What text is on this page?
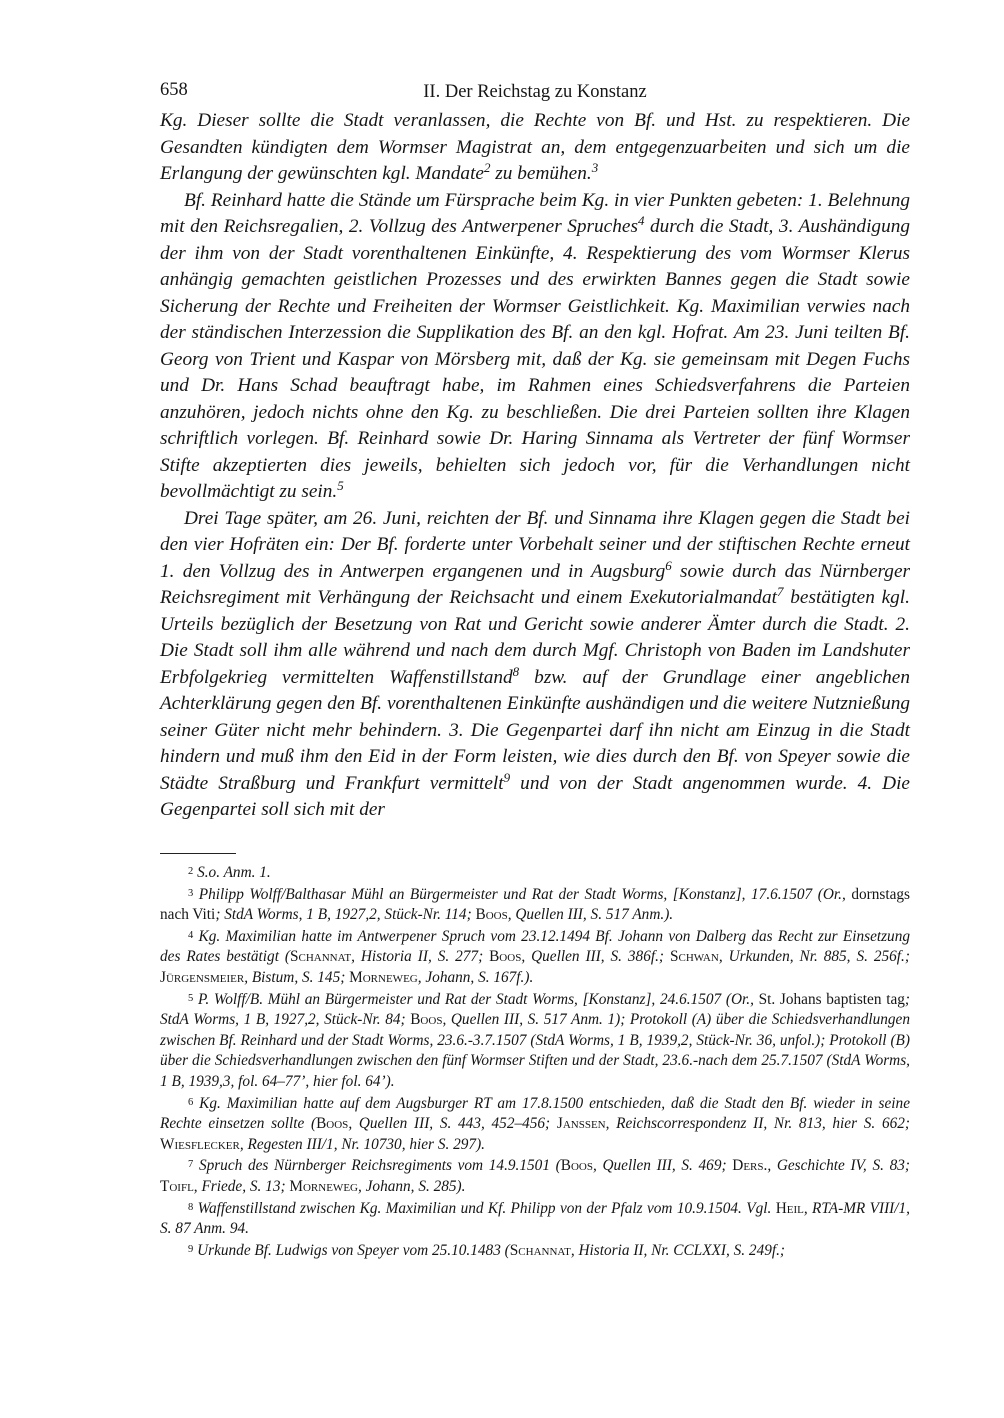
658	II. Der Reichstag zu Konstanz

Kg. Dieser sollte die Stadt veranlassen, die Rechte von Bf. und Hst. zu respektieren. Die Gesandten kündigten dem Wormser Magistrat an, dem entgegenzuarbeiten und sich um die Erlangung der gewünschten kgl. Mandate$^2$ zu bemühen.$^3$

Bf. Reinhard hatte die Stände um Fürsprache beim Kg. in vier Punkten gebeten: 1. Belehnung mit den Reichsregalien, 2. Vollzug des Antwerpener Spruches$^4$ durch die Stadt, 3. Aushändigung der ihm von der Stadt vorenthaltenen Einkünfte, 4. Respektierung des vom Wormser Klerus anhängig gemachten geistlichen Prozesses und des erwirkten Bannes gegen die Stadt sowie Sicherung der Rechte und Freiheiten der Wormser Geistlichkeit. Kg. Maximilian verwies nach der ständischen Interzession die Supplikation des Bf. an den kgl. Hofrat. Am 23. Juni teilten Bf. Georg von Trient und Kaspar von Mörsberg mit, daß der Kg. sie gemeinsam mit Degen Fuchs und Dr. Hans Schad beauftragt habe, im Rahmen eines Schiedsverfahrens die Parteien anzuhören, jedoch nichts ohne den Kg. zu beschließen. Die drei Parteien sollten ihre Klagen schriftlich vorlegen. Bf. Reinhard sowie Dr. Haring Sinnama als Vertreter der fünf Wormser Stifte akzeptierten dies jeweils, behielten sich jedoch vor, für die Verhandlungen nicht bevollmächtigt zu sein.$^5$

Drei Tage später, am 26. Juni, reichten der Bf. und Sinnama ihre Klagen gegen die Stadt bei den vier Hofräten ein: Der Bf. forderte unter Vorbehalt seiner und der stiftischen Rechte erneut 1. den Vollzug des in Antwerpen ergangenen und in Augsburg$^6$ sowie durch das Nürnberger Reichsregiment mit Verhängung der Reichsacht und einem Exekutorialmandat$^7$ bestätigten kgl. Urteils bezüglich der Besetzung von Rat und Gericht sowie anderer Ämter durch die Stadt. 2. Die Stadt soll ihm alle während und nach dem durch Mgf. Christoph von Baden im Landshuter Erbfolgekrieg vermittelten Waffenstillstand$^8$ bzw. auf der Grundlage einer angeblichen Achterklärung gegen den Bf. vorenthaltenen Einkünfte aushändigen und die weitere Nutznießung seiner Güter nicht mehr behindern. 3. Die Gegenpartei darf ihn nicht am Einzug in die Stadt hindern und muß ihm den Eid in der Form leisten, wie dies durch den Bf. von Speyer sowie die Städte Straßburg und Frankfurt vermittelt$^9$ und von der Stadt angenommen wurde. 4. Die Gegenpartei soll sich mit der

2 S.o. Anm. 1.

3 Philipp Wolff/Balthasar Mühl an Bürgermeister und Rat der Stadt Worms, [Konstanz], 17.6.1507 (Or., dornstags nach Viti; StdA Worms, 1 B, 1927,2, Stück-Nr. 114; Boos, Quellen III, S. 517 Anm.).

4 Kg. Maximilian hatte im Antwerpener Spruch vom 23.12.1494 Bf. Johann von Dalberg das Recht zur Einsetzung des Rates bestätigt (Schannat, Historia II, S. 277; Boos, Quellen III, S. 386f.; Schwan, Urkunden, Nr. 885, S. 256f.; Jürgensmeier, Bistum, S. 145; Morneweg, Johann, S. 167f.).

5 P. Wolff/B. Mühl an Bürgermeister und Rat der Stadt Worms, [Konstanz], 24.6.1507 (Or., St. Johans baptisten tag; StdA Worms, 1 B, 1927,2, Stück-Nr. 84; Boos, Quellen III, S. 517 Anm. 1); Protokoll (A) über die Schiedsverhandlungen zwischen Bf. Reinhard und der Stadt Worms, 23.6.-3.7.1507 (StdA Worms, 1 B, 1939,2, Stück-Nr. 36, unfol.); Protokoll (B) über die Schiedsverhandlungen zwischen den fünf Wormser Stiften und der Stadt, 23.6.-nach dem 25.7.1507 (StdA Worms, 1 B, 1939,3, fol. 64–77’, hier fol. 64’).

6 Kg. Maximilian hatte auf dem Augsburger RT am 17.8.1500 entschieden, daß die Stadt den Bf. wieder in seine Rechte einsetzen sollte (Boos, Quellen III, S. 443, 452–456; Janssen, Reichscorrespondenz II, Nr. 813, hier S. 662; Wiesflecker, Regesten III/1, Nr. 10730, hier S. 297).

7 Spruch des Nürnberger Reichsregiments vom 14.9.1501 (Boos, Quellen III, S. 469; Ders., Geschichte IV, S. 83; Toifl, Friede, S. 13; Morneweg, Johann, S. 285).

8 Waffenstillstand zwischen Kg. Maximilian und Kf. Philipp von der Pfalz vom 10.9.1504. Vgl. Heil, RTA-MR VIII/1, S. 87 Anm. 94.

9 Urkunde Bf. Ludwigs von Speyer vom 25.10.1483 (Schannat, Historia II, Nr. CCLXXI, S. 249f.;
